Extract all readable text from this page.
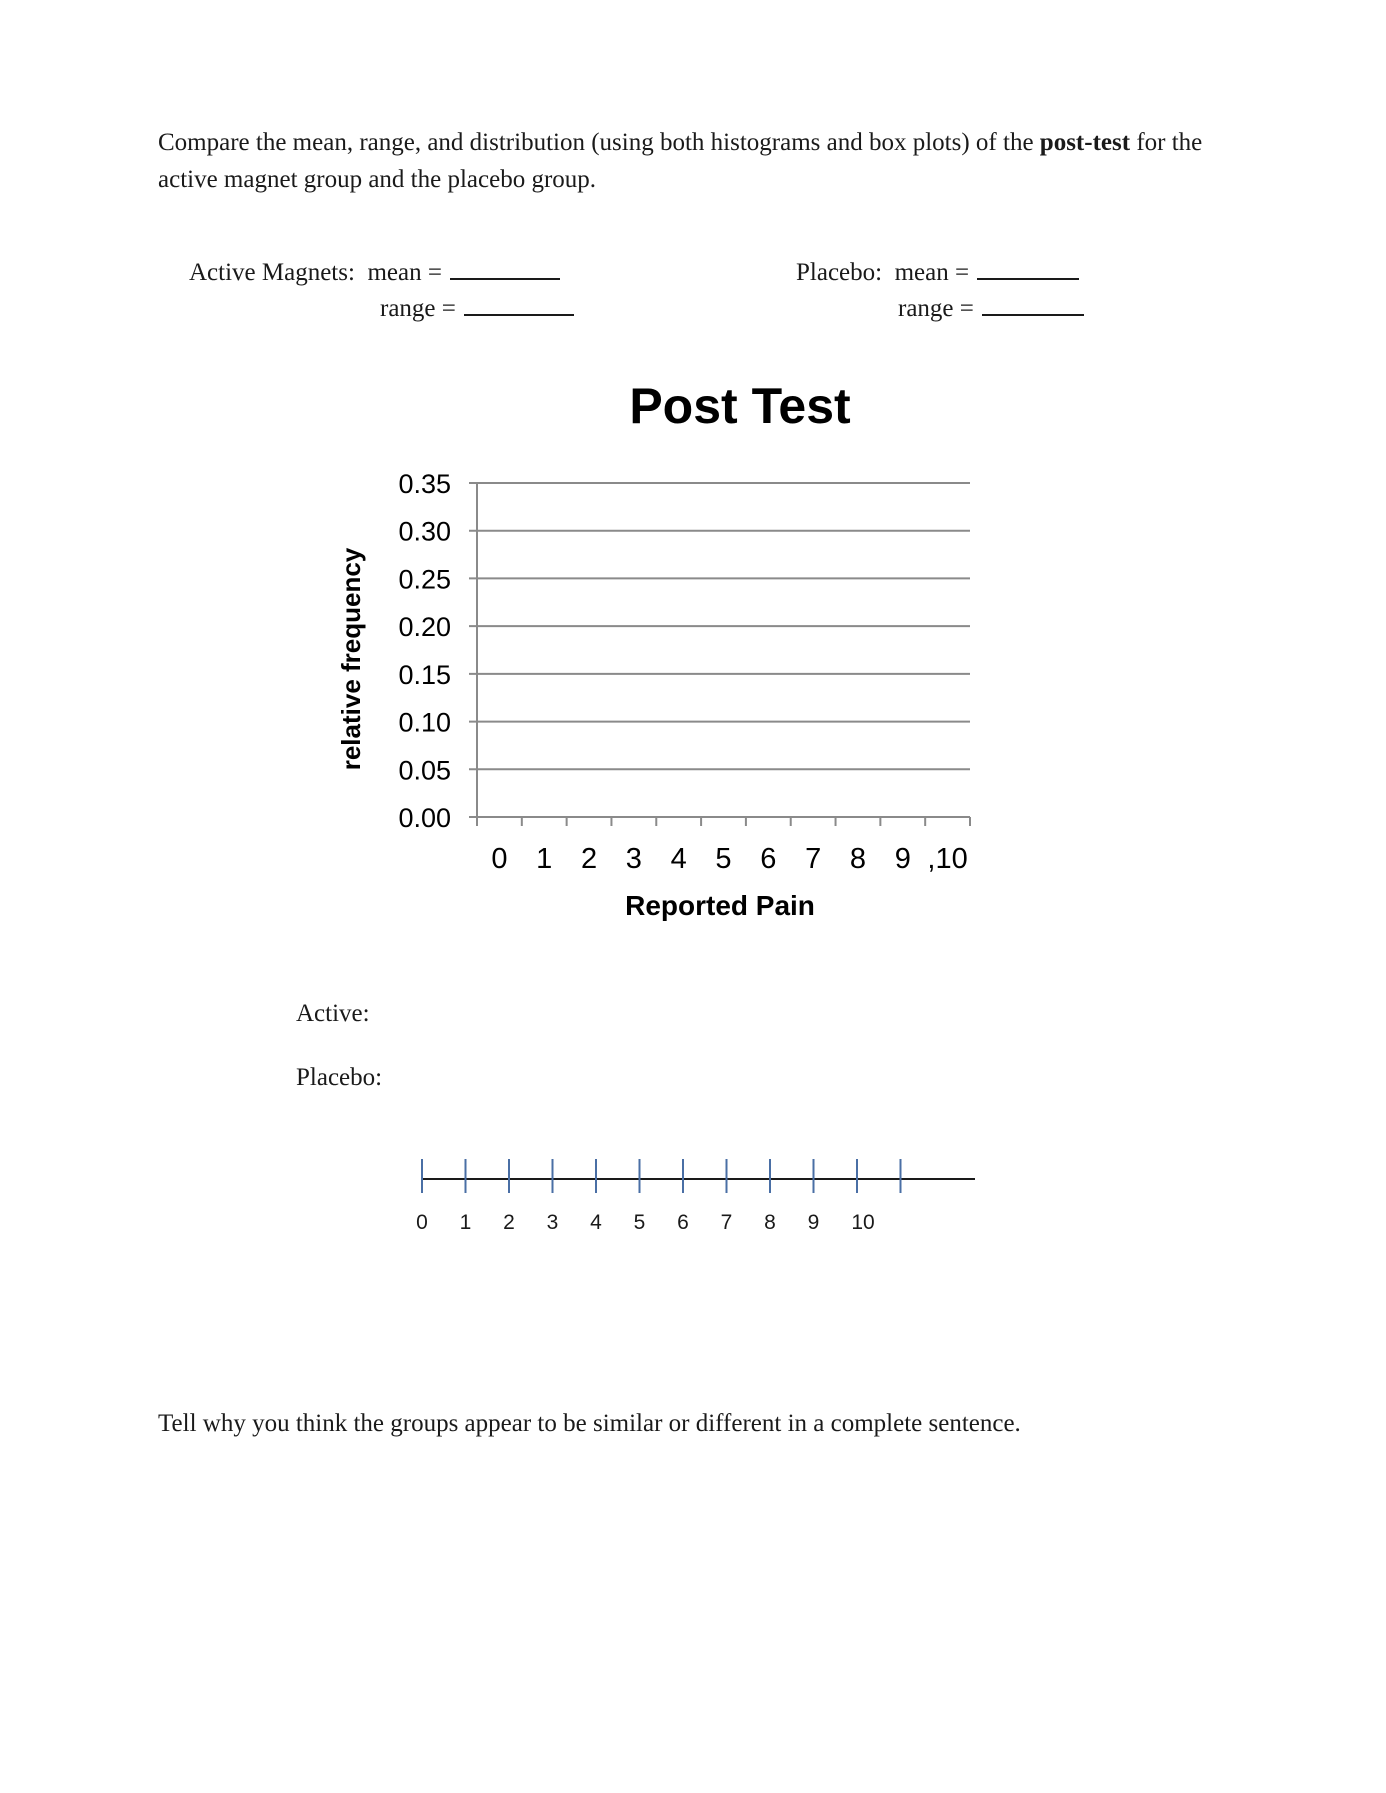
Compare the mean, range, and distribution (using both histograms and box plots) of the post-test for the active magnet group and the placebo group.
Active Magnets: mean =
range =
Placebo: mean =
range =
Post Test
relative frequency
Reported Pain
0.00
0.05
0.10
0.15
0.20
0.25
0.30
0.35
0 1 2 3 4 5 6 7 8 9 ,10
Active:
Placebo:
0 1 2 3 4 5 6 7 8 9 10
Tell why you think the groups appear to be similar or different in a complete sentence.
